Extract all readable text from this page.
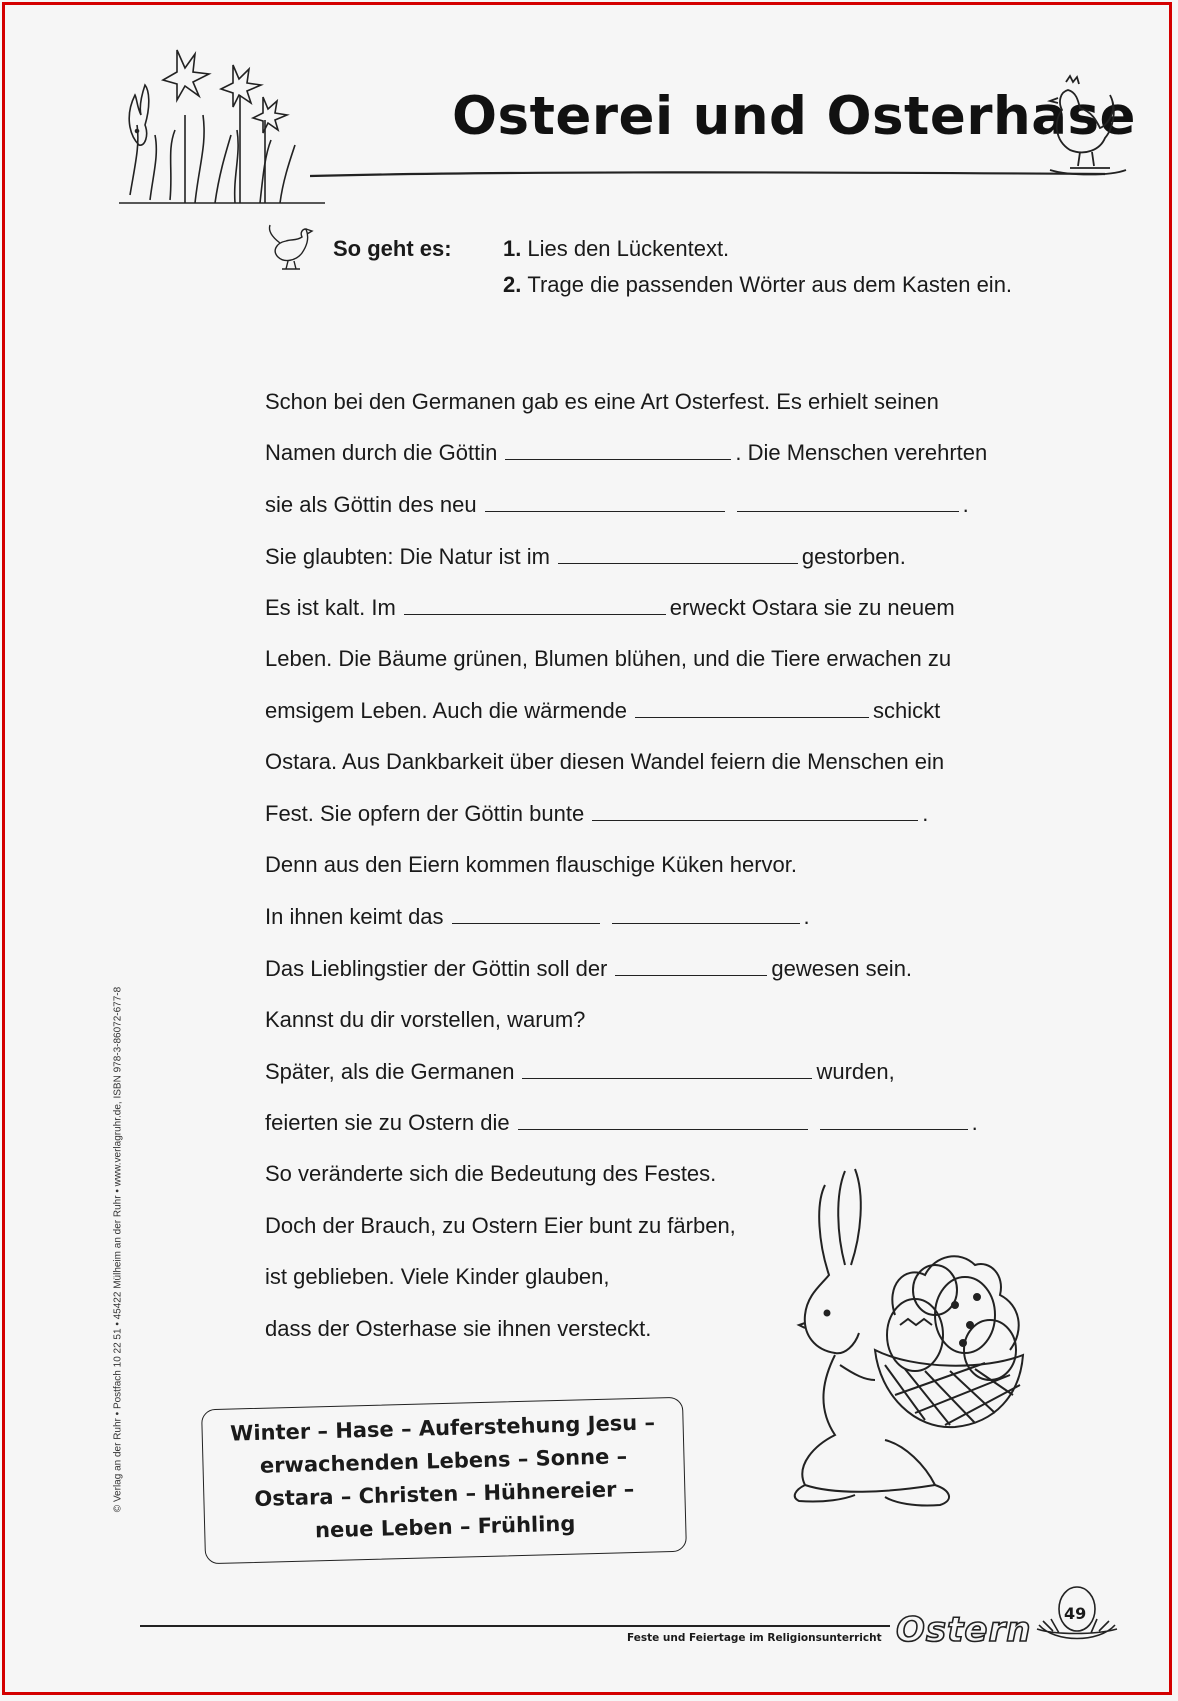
Osterei und Osterhase
So geht es: 1. Lies den Lückentext.
2. Trage die passenden Wörter aus dem Kasten ein.
Schon bei den Germanen gab es eine Art Osterfest. Es erhielt seinen
Namen durch die Göttin	. Die Menschen verehrten
sie als Göttin des neu	.
Sie glaubten: Die Natur ist im	gestorben.
Es ist kalt. Im	erweckt Ostara sie zu neuem
Leben. Die Bäume grünen, Blumen blühen, und die Tiere erwachen zu
emsigem Leben. Auch die wärmende	schickt
Ostara. Aus Dankbarkeit über diesen Wandel feiern die Menschen ein
Fest. Sie opfern der Göttin bunte	.
Denn aus den Eiern kommen flauschige Küken hervor.
In ihnen keimt das	.
Das Lieblingstier der Göttin soll der	gewesen sein.
Kannst du dir vorstellen, warum?
Später, als die Germanen	wurden,
feierten sie zu Ostern die	.
So veränderte sich die Bedeutung des Festes.
Doch der Brauch, zu Ostern Eier bunt zu färben,
ist geblieben. Viele Kinder glauben,
dass der Osterhase sie ihnen versteckt.
Winter – Hase – Auferstehung Jesu –
erwachenden Lebens – Sonne –
Ostara – Christen – Hühnereier –
neue Leben – Frühling
© Verlag an der Ruhr • Postfach 10 22 51 • 45422 Mülheim an der Ruhr • www.verlagruhr.de, ISBN 978-3-86072-677-8
Feste und Feiertage im Religionsunterricht Ostern 49
